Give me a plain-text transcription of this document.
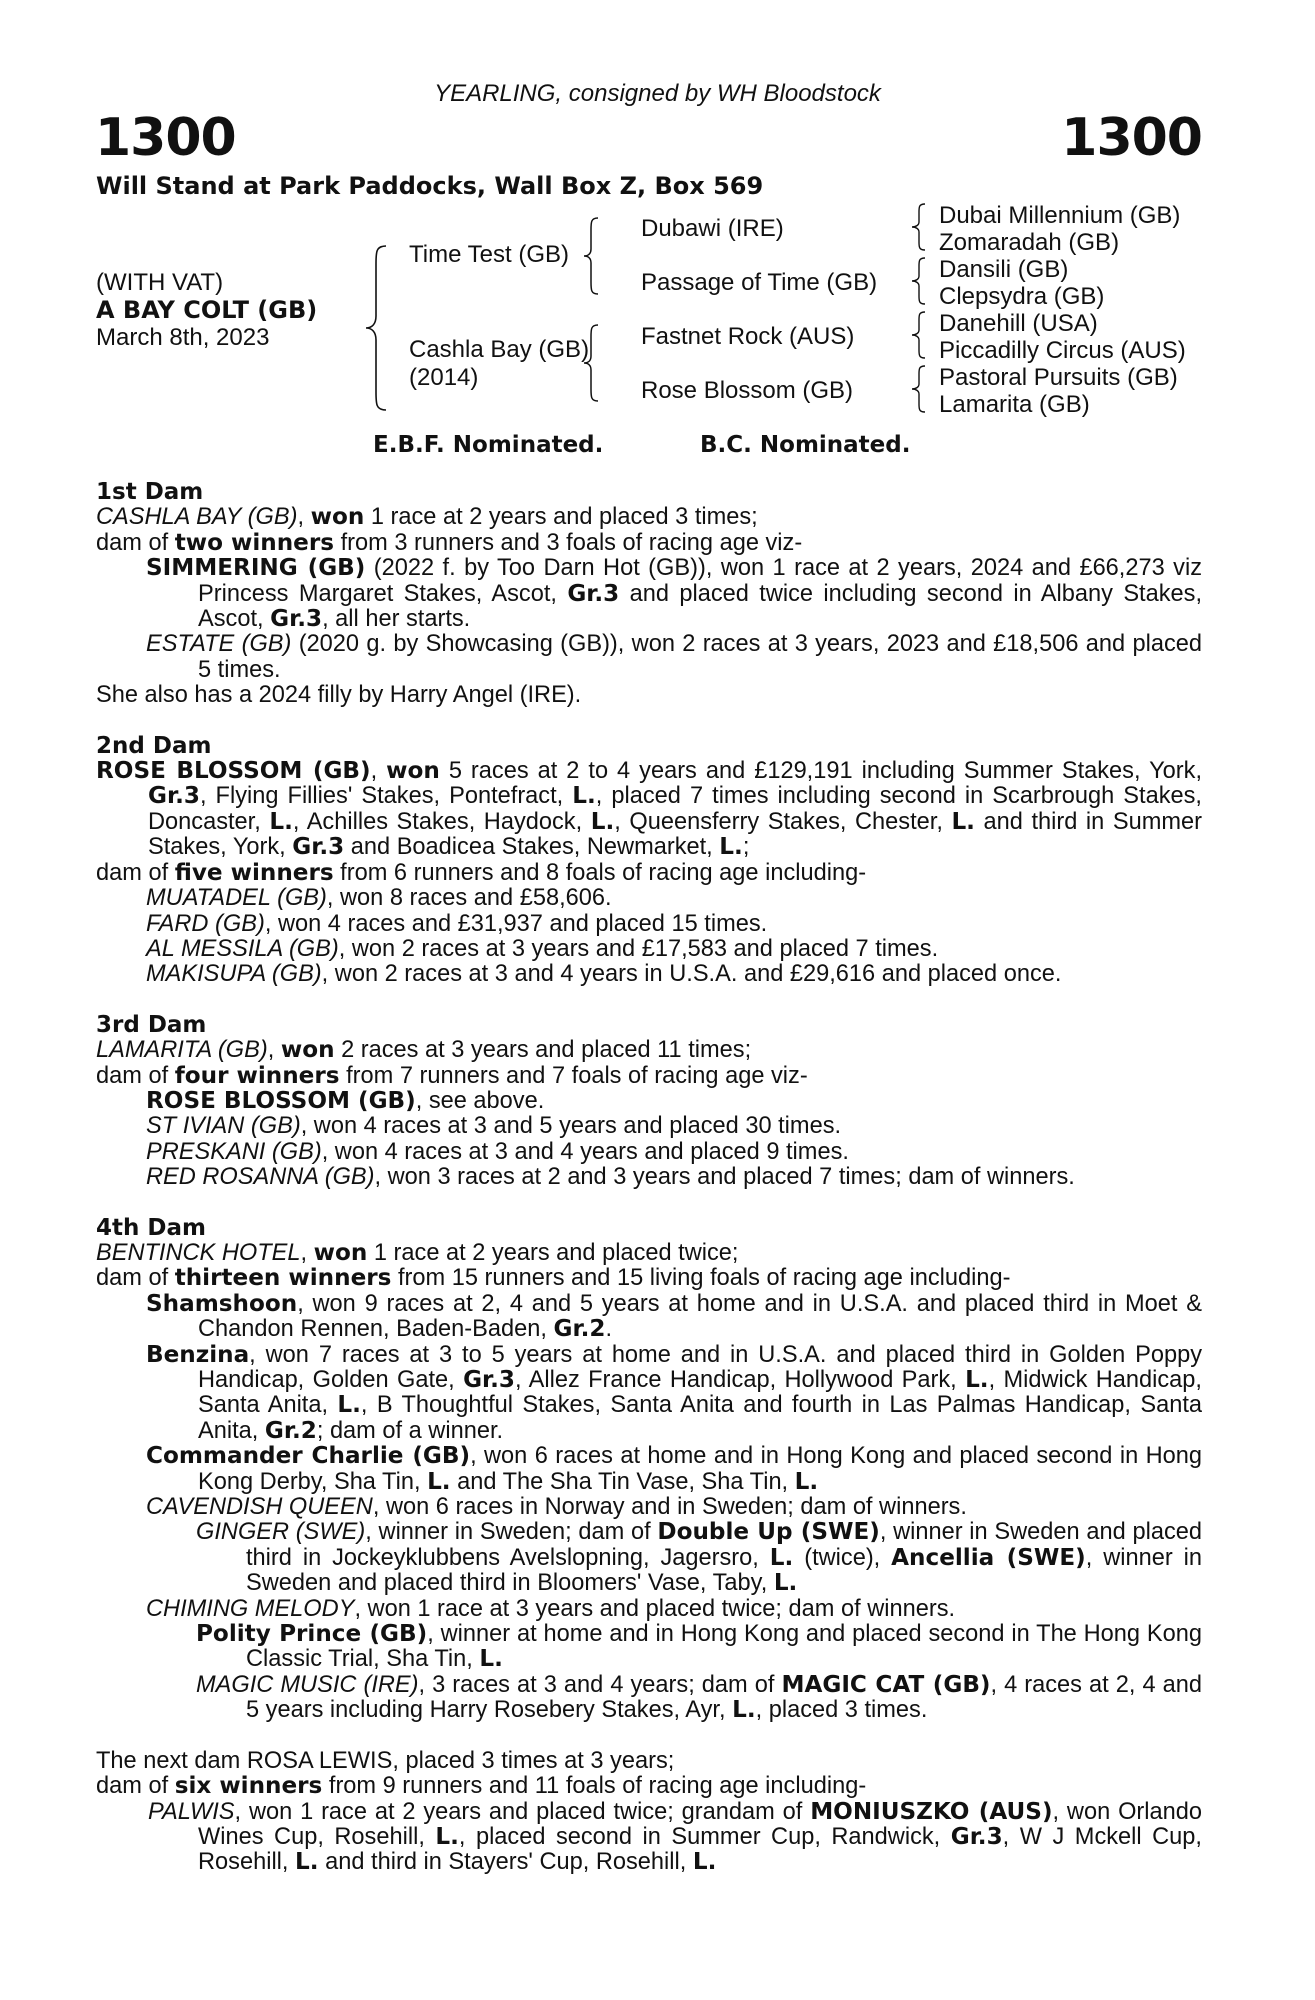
YEARLING, consigned by WH Bloodstock
1300	1300
Will Stand at Park Paddocks, Wall Box Z, Box 569
(WITH VAT)
A BAY COLT (GB)
March 8th, 2023
Time Test (GB)
Cashla Bay (GB)
(2014)
Dubawi (IRE)
Passage of Time (GB)
Fastnet Rock (AUS)
Rose Blossom (GB)
Dubai Millennium (GB)
Zomaradah (GB)
Dansili (GB)
Clepsydra (GB)
Danehill (USA)
Piccadilly Circus (AUS)
Pastoral Pursuits (GB)
Lamarita (GB)
E.B.F. Nominated.	B.C. Nominated.
1st Dam
CASHLA BAY (GB), won 1 race at 2 years and placed 3 times;
dam of two winners from 3 runners and 3 foals of racing age viz-
SIMMERING (GB) (2022 f. by Too Darn Hot (GB)), won 1 race at 2 years, 2024 and £66,273 viz Princess Margaret Stakes, Ascot, Gr.3 and placed twice including second in Albany Stakes, Ascot, Gr.3, all her starts.
ESTATE (GB) (2020 g. by Showcasing (GB)), won 2 races at 3 years, 2023 and £18,506 and placed 5 times.
She also has a 2024 filly by Harry Angel (IRE).
2nd Dam
ROSE BLOSSOM (GB), won 5 races at 2 to 4 years and £129,191 including Summer Stakes, York, Gr.3, Flying Fillies' Stakes, Pontefract, L., placed 7 times including second in Scarbrough Stakes, Doncaster, L., Achilles Stakes, Haydock, L., Queensferry Stakes, Chester, L. and third in Summer Stakes, York, Gr.3 and Boadicea Stakes, Newmarket, L.;
dam of five winners from 6 runners and 8 foals of racing age including-
MUATADEL (GB), won 8 races and £58,606.
FARD (GB), won 4 races and £31,937 and placed 15 times.
AL MESSILA (GB), won 2 races at 3 years and £17,583 and placed 7 times.
MAKISUPA (GB), won 2 races at 3 and 4 years in U.S.A. and £29,616 and placed once.
3rd Dam
LAMARITA (GB), won 2 races at 3 years and placed 11 times;
dam of four winners from 7 runners and 7 foals of racing age viz-
ROSE BLOSSOM (GB), see above.
ST IVIAN (GB), won 4 races at 3 and 5 years and placed 30 times.
PRESKANI (GB), won 4 races at 3 and 4 years and placed 9 times.
RED ROSANNA (GB), won 3 races at 2 and 3 years and placed 7 times; dam of winners.
4th Dam
BENTINCK HOTEL, won 1 race at 2 years and placed twice;
dam of thirteen winners from 15 runners and 15 living foals of racing age including-
Shamshoon, won 9 races at 2, 4 and 5 years at home and in U.S.A. and placed third in Moet & Chandon Rennen, Baden-Baden, Gr.2.
Benzina, won 7 races at 3 to 5 years at home and in U.S.A. and placed third in Golden Poppy Handicap, Golden Gate, Gr.3, Allez France Handicap, Hollywood Park, L., Midwick Handicap, Santa Anita, L., B Thoughtful Stakes, Santa Anita and fourth in Las Palmas Handicap, Santa Anita, Gr.2; dam of a winner.
Commander Charlie (GB), won 6 races at home and in Hong Kong and placed second in Hong Kong Derby, Sha Tin, L. and The Sha Tin Vase, Sha Tin, L.
CAVENDISH QUEEN, won 6 races in Norway and in Sweden; dam of winners.
GINGER (SWE), winner in Sweden; dam of Double Up (SWE), winner in Sweden and placed third in Jockeyklubbens Avelslopning, Jagersro, L. (twice), Ancellia (SWE), winner in Sweden and placed third in Bloomers' Vase, Taby, L.
CHIMING MELODY, won 1 race at 3 years and placed twice; dam of winners.
Polity Prince (GB), winner at home and in Hong Kong and placed second in The Hong Kong Classic Trial, Sha Tin, L.
MAGIC MUSIC (IRE), 3 races at 3 and 4 years; dam of MAGIC CAT (GB), 4 races at 2, 4 and 5 years including Harry Rosebery Stakes, Ayr, L., placed 3 times.
The next dam ROSA LEWIS, placed 3 times at 3 years;
dam of six winners from 9 runners and 11 foals of racing age including-
PALWIS, won 1 race at 2 years and placed twice; grandam of MONIUSZKO (AUS), won Orlando Wines Cup, Rosehill, L., placed second in Summer Cup, Randwick, Gr.3, W J Mckell Cup, Rosehill, L. and third in Stayers' Cup, Rosehill, L.
